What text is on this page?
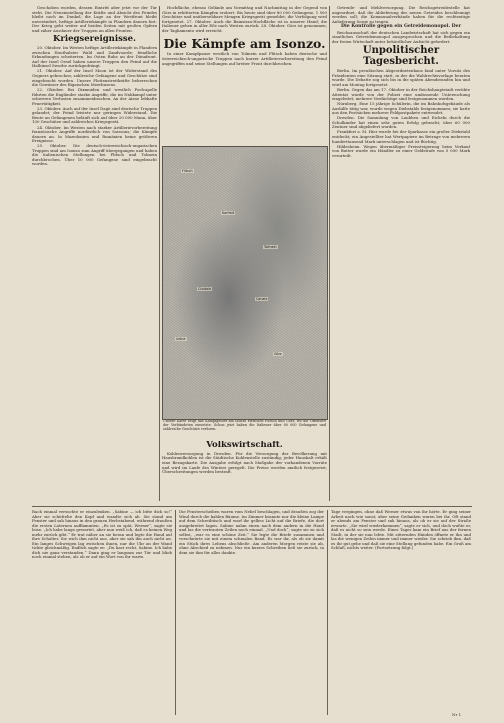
Geschoben worden, dessen Eintritt aber jetzt vor der Tür steht. Die Neueinstellung der Kräfte und Absicht des Feindes bleibt noch im Dunkel; die Lage an der Westfront bleibt unverändert, heftige Artilleriekämpfe in Flandern dauern fort. Der Krieg geht weiter auf beiden Seiten mit großen Opfern und zäher Ausdauer der Truppen an allen Fronten.

Kriegsereignisse.

20. Oktober. Im Westen heftige Artilleriekämpfe in Flandern zwischen Houthulster Wald und Zandvoorde; feindliche Erkundungen scheiterten. Im Osten Ruhe an der Dünafront. Auf der Insel Oesel haben unsere Truppen den Feind auf die Halbinsel Sworbe zurückgedrängt.

21. Oktober. Auf der Insel Moon ist der Widerstand des Gegners gebrochen; zahlreiche Gefangene und Geschütze sind eingebracht worden. Unsere Flottenstreitkräfte beherrschen die Gewässer des Rigaischen Meerbusens.

22. Oktober. Bei Dixmuiden und westlich Poelcapelle führten die Engländer starke Angriffe, die im Nahkampf unter schweren Verlusten zusammenbrachen. An der Aisne lebhafte Feuertätigkeit.

23. Oktober. Auch auf der Insel Dagö sind deutsche Truppen gelandet; der Feind leistete nur geringen Widerstand. Die Beute an Gefangenen beläuft sich auf über 20 000 Mann, über 100 Geschütze und zahlreiches Kriegsgerät.

24. Oktober. Im Westen nach starker Artillerievorbereitung französische Angriffe nordöstlich von Soissons; die Kämpfe dauern an. In Mazedonien und Rumänien keine größeren Ereignisse.

25. Oktober. Die deutsch-österreichisch-ungarischen Truppen sind am Isonzo zum Angriff übergegangen und haben die italienischen Stellungen bei Flitsch und Tolmein durchbrochen. Über 10 000 Gefangene sind eingebracht worden.

Hochfläche, ebenso Gelände am Vormittag und Nachmittag in der Gegend von Görz in erbitterten Kämpfen erobert. Bis heute sind über 80 000 Gefangene, 1 500 Geschütze und unübersehbare Mengen Kriegsgerät gemeldet; die Verfolgung wird fortgesetzt. 27. Oktober. Auch die Bainsizza-Hochfläche ist in unserer Hand; die Italiener gehen in aller Eile nach Westen zurück. 28. Oktober. Görz ist genommen; der Tagliamento wird erreicht.

Die Kämpfe am Isonzo.

In einer Kampfpause westlich von Tolmein und Flitsch haben deutsche und österreichisch-ungarische Truppen nach kurzer Artillerievorbereitung den Feind angegriffen und seine Stellungen auf breiter Front durchbrochen.

Flitsch
Karfreit
Tolmein
Canale
Görz
Udine
Cividale
Unsere Karte zeigt das Kampfgebiet am Isonzo zwischen Flitsch und Görz, wo die Offensive der Verbündeten einsetzte. Schon jetzt haben die Italiener über 80 000 Gefangene und zahlreiche Geschütze verloren.
Volkswirtschaft.

Kohlenversorgung in Dresden. Für die Versorgung der Bevölkerung mit Hausbrandkohlen ist die Städtische Kohlenstelle zuständig; jeder Haushalt erhält eine Bezugskarte. Die Ausgabe erfolgt nach Maßgabe der vorhandenen Vorräte und wird im Laufe des Winters geregelt. Die Preise werden amtlich festgesetzt; Überschreitungen werden bestraft.

Getreide- und Mehlversorgung. Die Reichsgetreidestelle hat angeordnet, daß die Ablieferung des neuen Getreides beschleunigt werden soll; die Kommunalverbände haben für die rechtzeitige Anlieferung Sorge zu tragen.

Die Kontrolle gegen ein Getreidemonopol. Der

Reichsausschuß der deutschen Landwirtschaft hat sich gegen ein staatliches Getreidemonopol ausgesprochen und die Beibehaltung der freien Wirtschaft unter behördlicher Aufsicht gefordert.

Unpolitischer Tagesbericht.

Berlin. Im preußischen Abgeordnetenhaus fand unter Vorsitz des Präsidenten eine Sitzung statt, in der die Wahlrechtsvorlage beraten wurde. Die Debatte zog sich bis in die späten Abendstunden hin und wird am Montag fortgesetzt.

Berlin. Gegen das am 17. Oktober in der Reichshauptstadt verübte Attentat wurde von der Polizei eine umfassende Untersuchung eingeleitet; mehrere Verdächtige sind festgenommen worden.

Nürnberg. Eine 15 jährige Schülerin, die im Bahnhofsgebäude als Aushilfe tätig war, wurde wegen Diebstahls festgenommen; sie hatte aus den Postsäcken mehrere Feldpostpakete entwendet.

Dresden. Die Sammlung von Laubheu und Eicheln durch die Schulkinder hat einen sehr guten Erfolg gebracht; über 60 000 Zentner sind abgeliefert worden.

Frankfurt a. M. Hier wurde bei der Sparkasse ein großer Diebstahl entdeckt; ein Angestellter hat Wertpapiere im Betrage von mehreren hunderttausend Mark unterschlagen und ist flüchtig.

Hildesheim. Wegen übermäßiger Preissteigerung beim Verkauf von Butter wurde ein Händler zu einer Geldstrafe von 5 000 Mark verurteilt.

Rach einmal versuchte er einzulenken. „Sabine — ich bitte dich so!“ Aber sie schüttelte den Kopf und wandte sich ab. Sie stand am Fenster und sah hinaus in den grauen Herbstabend, während draußen die ersten Laternen aufflammten. „Es ist zu spät, Werner“, sagte sie leise. „Ich habe lange gewartet, aber nun weiß ich, daß es keinen Weg mehr zurück gibt.“ Er trat näher an sie heran und legte die Hand auf ihre Schulter. Sie wich ihm nicht aus, aber sie sah ihn auch nicht an. Ein langes Schweigen lag zwischen ihnen, nur die Uhr an der Wand tickte gleichmäßig. Endlich sagte er: „Du hast recht, Sabine. Ich habe dich nie ganz verstanden.“ Dann ging er langsam zur Tür und blieb noch einmal stehen, als ob er auf ein Wort von ihr warte.
Die Fensterscheiben waren vom Nebel beschlagen, und draußen zog der Wind durch die kahlen Bäume. Im Zimmer brannte nur die kleine Lampe auf dem Schreibtisch und warf ihr gelbes Licht auf die Briefe, die dort ausgebreitet lagen. Sabine nahm einen nach dem andern in die Hand und las die vertrauten Zeilen noch einmal. „Und doch“, sagte sie zu sich selbst, „war es eine schöne Zeit.“ Sie legte die Briefe zusammen und verschnürte sie mit einem schmalen Band. Es war ihr, als ob sie damit ein Stück ihres Lebens abschließe. Am anderen Morgen reiste sie ab, ohne Abschied zu nehmen. Nur ein kurzes Schreiben ließ sie zurück, in dem sie ihm für alles dankte.
Tage vergingen, ohne daß Werner etwas von ihr hörte. Er ging seiner Arbeit nach wie sonst, aber seine Gedanken waren bei ihr. Oft stand er abends am Fenster und sah hinaus, als ob er sie auf der Straße erwarte. „Sie wird wiederkommen“, sagte er sich, und doch wußte er, daß es nicht so sein werde. Eines Tages kam ein Brief aus der fernen Stadt, in der sie nun lebte. Mit zitternden Händen öffnete er ihn und las die wenigen Zeilen immer und immer wieder. Sie schrieb ihm, daß es ihr gut gehe und daß sie eine Stellung gefunden habe. Ein Gruß am Schluß, nichts weiter. (Fortsetzung folgt.)
Nr 1
